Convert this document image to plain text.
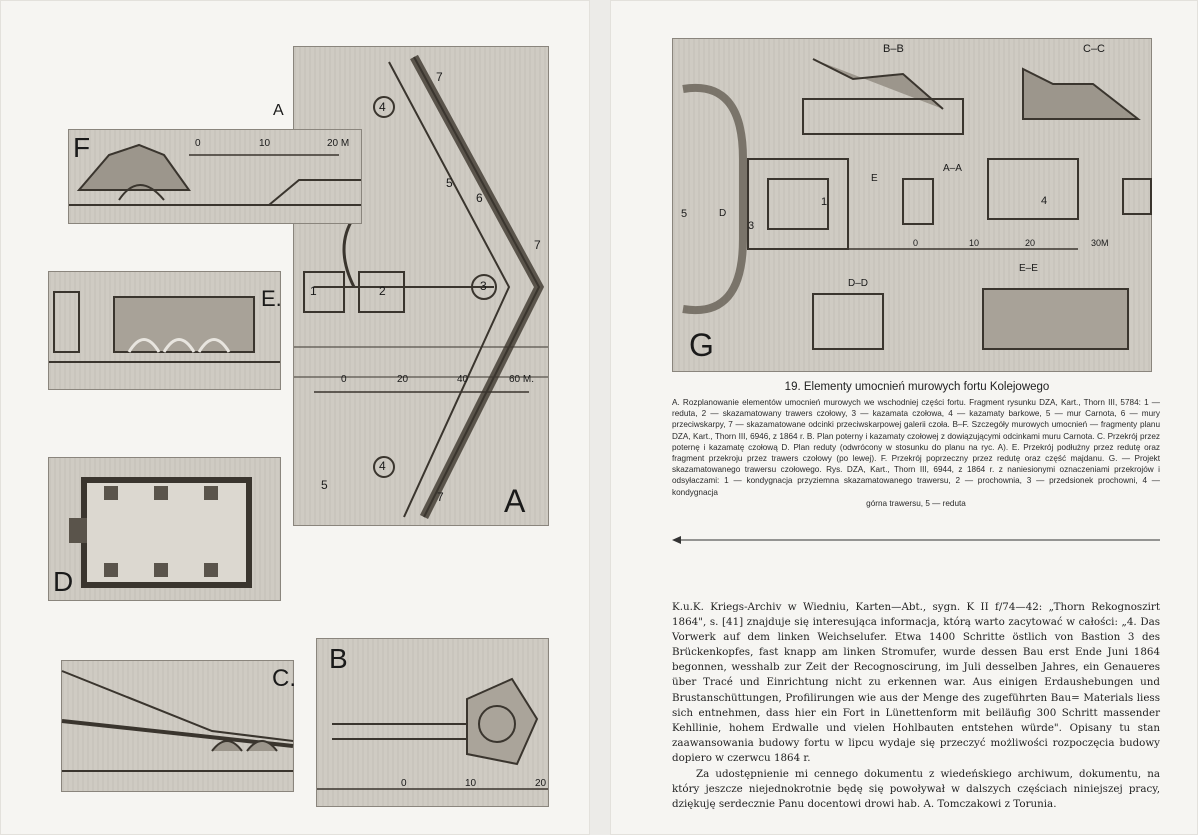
A
A
7
4
5
6
7
1	2	3
4
5
7
0	20	40	60 M.
F	0	10	20 M
E.
D
C.
B
0	10	20
G
B–B	C–C
A–A
E
1
3
4
5	D
E–E
D–D
0	10	20	30M
19. Elementy umocnień murowych fortu Kolejowego
A. Rozplanowanie elementów umocnień murowych we wschodniej części fortu. Fragment rysunku DZA, Kart., Thorn III, 5784: 1 — reduta, 2 — skazamatowany trawers czołowy, 3 — kazamata czołowa, 4 — kazamaty barkowe, 5 — mur Carnota, 6 — mury przeciwskarpy, 7 — skazamatowane odcinki przeciwskarpowej galerii czoła. B–F. Szczegóły murowych umocnień — fragmenty planu DZA, Kart., Thorn III, 6946, z 1864 r. B. Plan poterny i kazamaty czołowej z dowiązującymi odcinkami muru Carnota. C. Przekrój przez poternę i kazamatę czołową D. Plan reduty (odwrócony w stosunku do planu na ryc. A). E. Przekrój podłużny przez redutę oraz fragment przekroju przez trawers czołowy (po lewej). F. Przekrój poprzeczny przez redutę oraz część majdanu. G. — Projekt skazamatowanego trawersu czołowego. Rys. DZA, Kart., Thorn III, 6944, z 1864 r. z naniesionymi oznaczeniami przekrojów i odsyłaczami: 1 — kondygnacja przyziemna skazamatowanego trawersu, 2 — prochownia, 3 — przedsionek prochowni, 4 — kondygnacja
górna trawersu, 5 — reduta

K.u.K. Kriegs-Archiv w Wiedniu, Karten—Abt., sygn. K II f/74—42: „Thorn Rekognoszirt 1864", s. [41] znajduje się interesująca informacja, którą warto zacytować w całości: „4. Das Vorwerk auf dem linken Weichselufer. Etwa 1400 Schritte östlich von Bastion 3 des Brückenkopfes, fast knapp am linken Stromufer, wurde dessen Bau erst Ende Juni 1864 begonnen, wesshalb zur Zeit der Recognoscirung, im Juli desselben Jahres, ein Genaueres über Tracé und Einrichtung nicht zu erkennen war. Aus einigen Erdaushebungen und Brustanschüttungen, Profilirungen wie aus der Menge des zugeführten Bau= Materials liess sich entnehmen, dass hier ein Fort in Lünettenform mit beiläufig 300 Schritt massender Kehllinie, hohem Erdwalle und vielen Hohlbauten entstehen würde". Opisany tu stan zaawansowania budowy fortu w lipcu wydaje się przeczyć możliwości rozpoczęcia budowy dopiero w czerwcu 1864 r.

Za udostępnienie mi cennego dokumentu z wiedeńskiego archiwum, dokumentu, na który jeszcze niejednokrotnie będę się powoływał w dalszych częściach niniejszej pracy, dziękuję serdecznie Panu docentowi drowi hab. A. Tomczakowi z Torunia.
